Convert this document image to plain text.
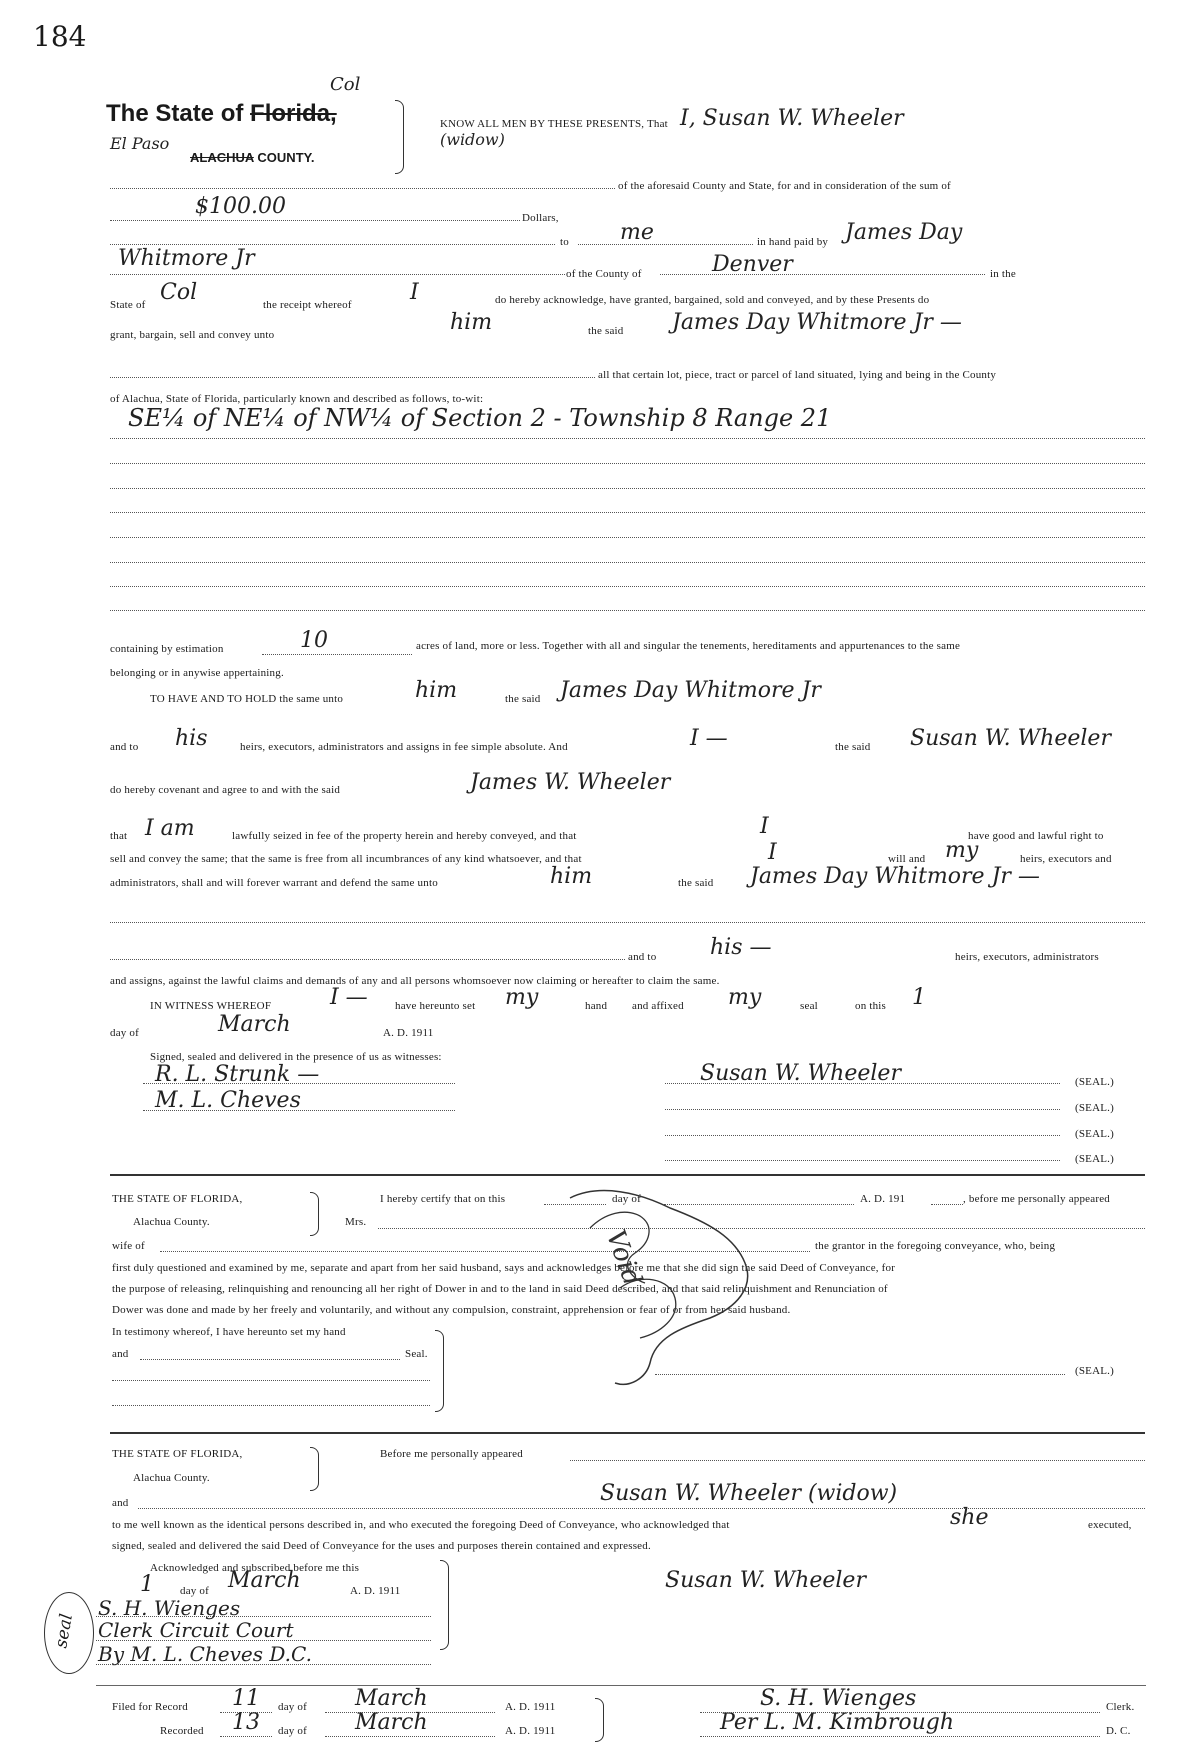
184
The State of Florida,
Col
El Paso
ALACHUA COUNTY.
KNOW ALL MEN BY THESE PRESENTS, That I, Susan W. Wheeler
(widow)
of the aforesaid County and State, for and in consideration of the sum of
$100.00	Dollars,
to me	in hand paid by James Day
Whitmore Jr
of the County of	Denver	in the
State of Col	the receipt whereof	I	do hereby acknowledge, have granted, bargained, sold and conveyed, and by these Presents do
grant, bargain, sell and convey unto	him	the said James Day Whitmore Jr —
all that certain lot, piece, tract or parcel of land situated, lying and being in the County
of Alachua, State of Florida, particularly known and described as follows, to-wit:
SE¼ of NE¼ of NW¼ of Section 2 - Township 8 Range 21
containing by estimation	10	acres of land, more or less. Together with all and singular the tenements, hereditaments and appurtenances to the same
belonging or in anywise appertaining.
TO HAVE AND TO HOLD the same unto	him	the said James Day Whitmore Jr
and to his	heirs, executors, administrators and assigns in fee simple absolute. And	I —	the said Susan W. Wheeler
do hereby covenant and agree to and with the said	James W. Wheeler
that I am	lawfully seized in fee of the property herein and hereby conveyed, and that	I	have good and lawful right to
sell and convey the same; that the same is free from all incumbrances of any kind whatsoever, and that	I	will and my	heirs, executors and
administrators, shall and will forever warrant and defend the same unto	him	the said James Day Whitmore Jr —
and to his —	heirs, executors, administrators
and assigns, against the lawful claims and demands of any and all persons whomsoever now claiming or hereafter to claim the same.
IN WITNESS WHEREOF	I — have hereunto set my	hand and affixed my	seal	on this 1
day of	March	A. D. 1911
Signed, sealed and delivered in the presence of us as witnesses:
R. L. Strunk —
M. L. Cheves
Susan W. Wheeler	(SEAL.)
(SEAL.)
(SEAL.)
(SEAL.)
THE STATE OF FLORIDA,
Alachua County.
I hereby certify that on this	day of	A. D. 191	, before me personally appeared
Mrs.
wife of	the grantor in the foregoing conveyance, who, being
first duly questioned and examined by me, separate and apart from her said husband, says and acknowledges before me that she did sign the said Deed of Conveyance, for
the purpose of releasing, relinquishing and renouncing all her right of Dower in and to the land in said Deed described, and that said relinquishment and Renunciation of
Dower was done and made by her freely and voluntarily, and without any compulsion, constraint, apprehension or fear of or from her said husband.
In testimony whereof, I have hereunto set my hand
and	Seal.
(SEAL.)
Void
THE STATE OF FLORIDA,
Alachua County.
Before me personally appeared
and	Susan W. Wheeler (widow)
to me well known as the identical persons described in, and who executed the foregoing Deed of Conveyance, who acknowledged that	she	executed,
signed, sealed and delivered the said Deed of Conveyance for the uses and purposes therein contained and expressed.
Acknowledged and subscribed before me this
1 day of March	A. D. 1911
S. H. Wienges
Clerk Circuit Court
By M. L. Cheves D.C.
seal
Susan W. Wheeler
Filed for Record 11 day of March	A. D. 1911
Recorded 13 day of March	A. D. 1911
S. H. Wienges
Per L. M. Kimbrough
Clerk.
D. C.
